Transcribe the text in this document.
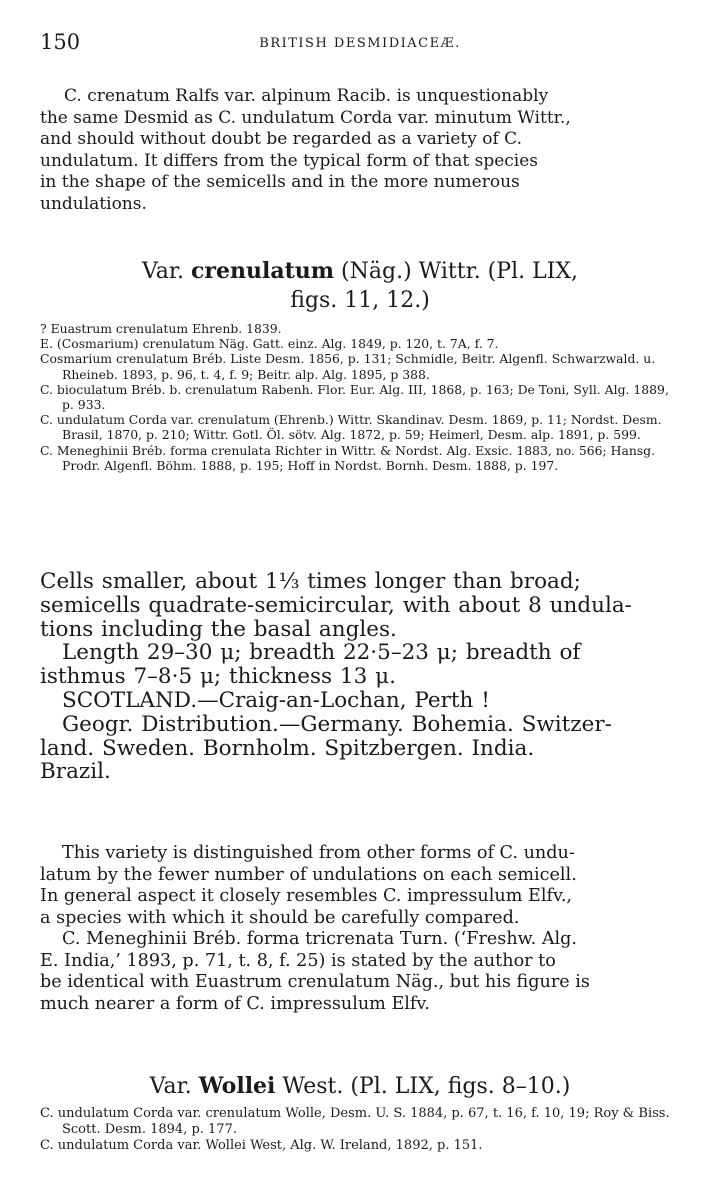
150	BRITISH DESMIDIACEÆ.
C. crenatum Ralfs var. alpinum Racib. is unquestionably
the same Desmid as C. undulatum Corda var. minutum Wittr.,
and should without doubt be regarded as a variety of C.
undulatum. It differs from the typical form of that species
in the shape of the semicells and in the more numerous
undulations.
Var. crenulatum (Näg.) Wittr. (Pl. LIX,
figs. 11, 12.)
? Euastrum crenulatum Ehrenb. 1839.
E. (Cosmarium) crenulatum Näg. Gatt. einz. Alg. 1849, p. 120, t. 7A, f. 7.
Cosmarium crenulatum Bréb. Liste Desm. 1856, p. 131; Schmidle, Beitr. Algenfl. Schwarzwald. u. Rheineb. 1893, p. 96, t. 4, f. 9; Beitr. alp. Alg. 1895, p 388.
C. bioculatum Bréb. b. crenulatum Rabenh. Flor. Eur. Alg. III, 1868, p. 163; De Toni, Syll. Alg. 1889, p. 933.
C. undulatum Corda var. crenulatum (Ehrenb.) Wittr. Skandinav. Desm. 1869, p. 11; Nordst. Desm. Brasil, 1870, p. 210; Wittr. Gotl. Öl. sötv. Alg. 1872, p. 59; Heimerl, Desm. alp. 1891, p. 599.
C. Meneghinii Bréb. forma crenulata Richter in Wittr. & Nordst. Alg. Exsic. 1883, no. 566; Hansg. Prodr. Algenfl. Böhm. 1888, p. 195; Hoff in Nordst. Bornh. Desm. 1888, p. 197.
Cells smaller, about 1⅓ times longer than broad;
semicells quadrate-semicircular, with about 8 undula-
tions including the basal angles.
Length 29–30 μ; breadth 22·5–23 μ; breadth of
isthmus 7–8·5 μ; thickness 13 μ.
SCOTLAND.—Craig-an-Lochan, Perth !
Geogr. Distribution.—Germany. Bohemia. Switzer-
land. Sweden. Bornholm. Spitzbergen. India.
Brazil.
This variety is distinguished from other forms of C. undu-
latum by the fewer number of undulations on each semicell.
In general aspect it closely resembles C. impressulum Elfv.,
a species with which it should be carefully compared.
C. Meneghinii Bréb. forma tricrenata Turn. (‘Freshw. Alg.
E. India,’ 1893, p. 71, t. 8, f. 25) is stated by the author to
be identical with Euastrum crenulatum Näg., but his figure is
much nearer a form of C. impressulum Elfv.
Var. Wollei West. (Pl. LIX, figs. 8–10.)
C. undulatum Corda var. crenulatum Wolle, Desm. U. S. 1884, p. 67, t. 16, f. 10, 19; Roy & Biss. Scott. Desm. 1894, p. 177.
C. undulatum Corda var. Wollei West, Alg. W. Ireland, 1892, p. 151.
